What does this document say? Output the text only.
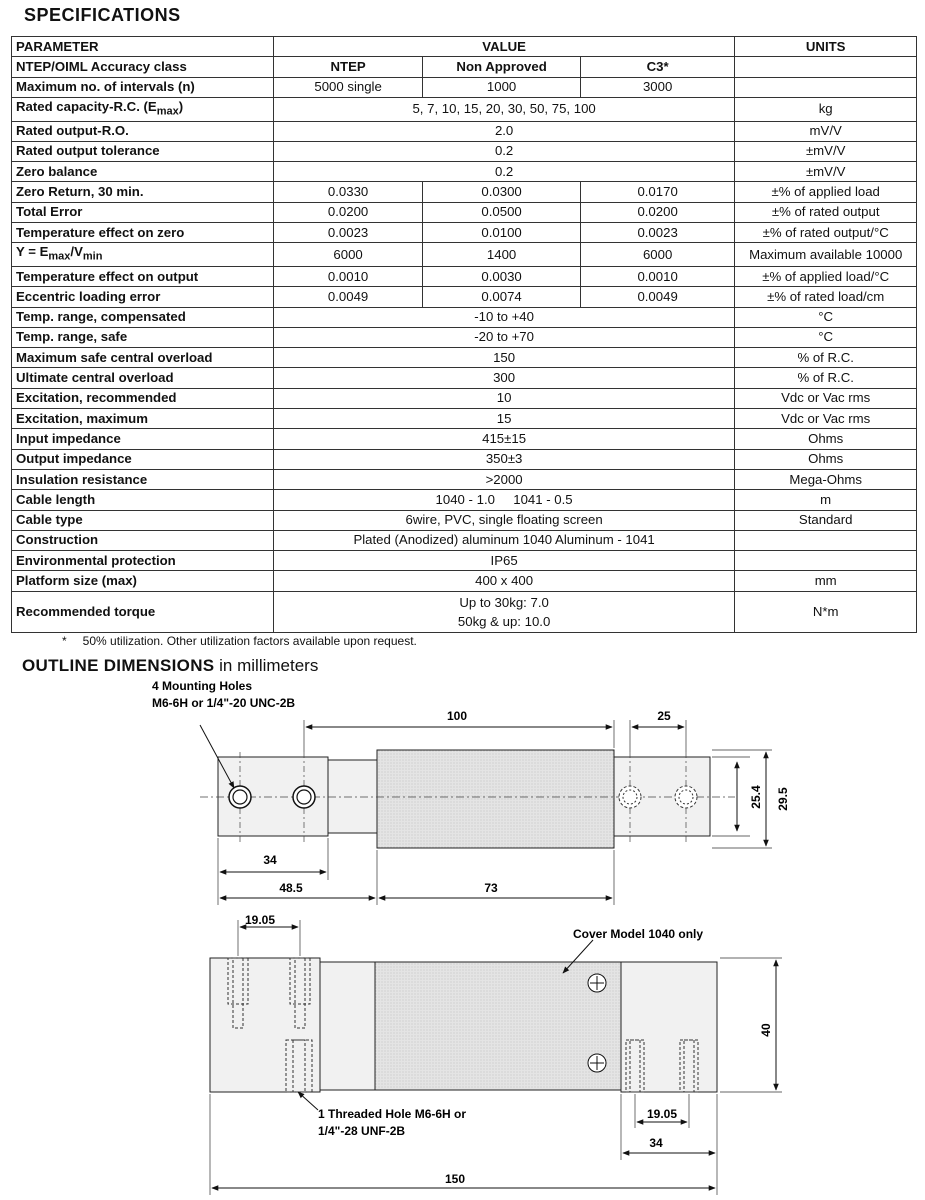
SPECIFICATIONS
PARAMETER	VALUE			UNITS
NTEP/OIML Accuracy class	NTEP	Non Approved	C3*	
Maximum no. of intervals (n)	5000 single	1000	3000	
Rated capacity-R.C. $(E_{max})$	5, 7, 10, 15, 20, 30, 50, 75, 100			kg
Rated output-R.O.	2.0			mV/V
Rated output tolerance	0.2			±mV/V
Zero balance	0.2			±mV/V
Zero Return, 30 min.	0.0330	0.0300	0.0170	±% of applied load
Total Error	0.0200	0.0500	0.0200	±% of rated output
Temperature effect on zero	0.0023	0.0100	0.0023	±% of rated output/°C
$Y = E_{max}/V_{min}$	6000	1400	6000	Maximum available 10000
Temperature effect on output	0.0010	0.0030	0.0010	±% of applied load/°C
Eccentric loading error	0.0049	0.0074	0.0049	±% of rated load/cm
Temp. range, compensated	-10 to +40			°C
Temp. range, safe	-20 to +70			°C
Maximum safe central overload	150			% of R.C.
Ultimate central overload	300			% of R.C.
Excitation, recommended	10			Vdc or Vac rms
Excitation, maximum	15			Vdc or Vac rms
Input impedance	415±15			Ohms
Output impedance	350±3			Ohms
Insulation resistance	>2000			Mega-Ohms
Cable length	1040 - 1.0     1041 - 0.5			m
Cable type	6wire, PVC, single floating screen			Standard
Construction	Plated (Anodized) aluminum 1040 Aluminum - 1041			
Environmental protection	IP65			
Platform size (max)	400 x 400			mm
Recommended torque	Up to 30kg: 7.0
50kg & up: 10.0			N*m
* 50% utilization. Other utilization factors available upon request.
OUTLINE DIMENSIONS in millimeters
4 Mounting Holes
M6-6H or 1/4"-20 UNC-2B
100	25
25.4 29.5
34
48.5	73
19.05
Cover Model 1040 only
40
1 Threaded Hole M6-6H or
1/4"-28 UNF-2B
19.05
34
150
